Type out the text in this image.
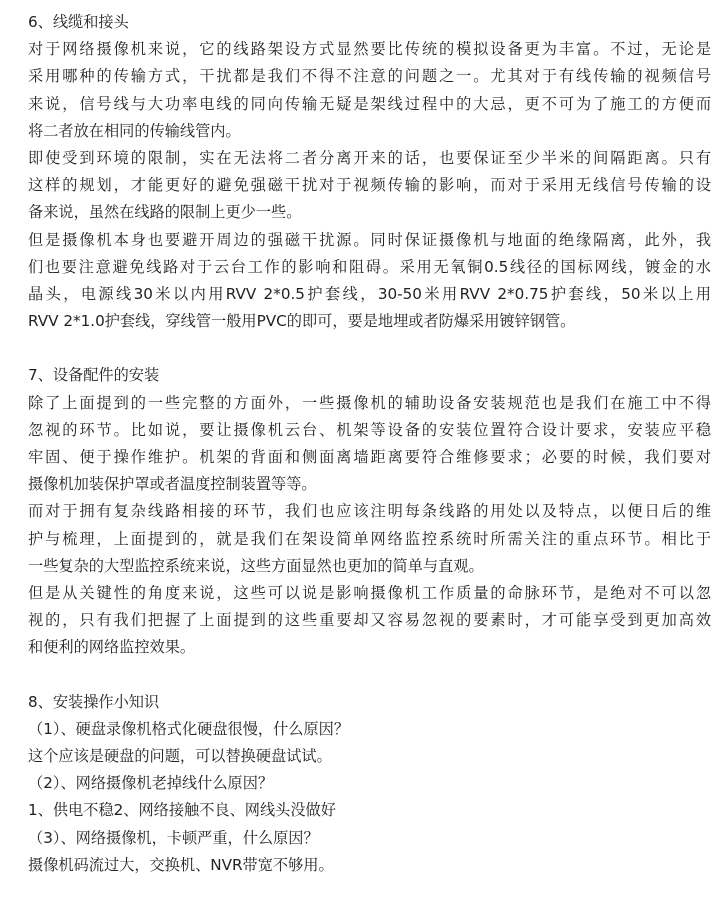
6、线缆和接头

对于网络摄像机来说，它的线路架设方式显然要比传统的模拟设备更为丰富。不过，无论是

采用哪种的传输方式，干扰都是我们不得不注意的问题之一。尤其对于有线传输的视频信号

来说，信号线与大功率电线的同向传输无疑是架线过程中的大忌，更不可为了施工的方便而

将二者放在相同的传输线管内。

即使受到环境的限制，实在无法将二者分离开来的话，也要保证至少半米的间隔距离。只有

这样的规划，才能更好的避免强磁干扰对于视频传输的影响，而对于采用无线信号传输的设

备来说，虽然在线路的限制上更少一些。

但是摄像机本身也要避开周边的强磁干扰源。同时保证摄像机与地面的绝缘隔离，此外，我

们也要注意避免线路对于云台工作的影响和阻碍。采用无氧铜0.5线径的国标网线，镀金的水

晶头，电源线30米以内用RVV 2*0.5护套线，30-50米用RVV 2*0.75护套线，50米以上用

RVV 2*1.0护套线，穿线管一般用PVC的即可，要是地埋或者防爆采用镀锌钢管。

7、设备配件的安装

除了上面提到的一些完整的方面外，一些摄像机的辅助设备安装规范也是我们在施工中不得

忽视的环节。比如说，要让摄像机云台、机架等设备的安装位置符合设计要求，安装应平稳

牢固、便于操作维护。机架的背面和侧面离墙距离要符合维修要求；必要的时候，我们要对

摄像机加装保护罩或者温度控制装置等等。

而对于拥有复杂线路相接的环节，我们也应该注明每条线路的用处以及特点，以便日后的维

护与梳理，上面提到的，就是我们在架设简单网络监控系统时所需关注的重点环节。相比于

一些复杂的大型监控系统来说，这些方面显然也更加的简单与直观。

但是从关键性的角度来说，这些可以说是影响摄像机工作质量的命脉环节，是绝对不可以忽

视的，只有我们把握了上面提到的这些重要却又容易忽视的要素时，才可能享受到更加高效

和便利的网络监控效果。

8、安装操作小知识

（1）、硬盘录像机格式化硬盘很慢，什么原因？

这个应该是硬盘的问题，可以替换硬盘试试。

（2）、网络摄像机老掉线什么原因？

1、供电不稳2、网络接触不良、网线头没做好

（3）、网络摄像机，卡顿严重，什么原因？

摄像机码流过大，交换机、NVR带宽不够用。
